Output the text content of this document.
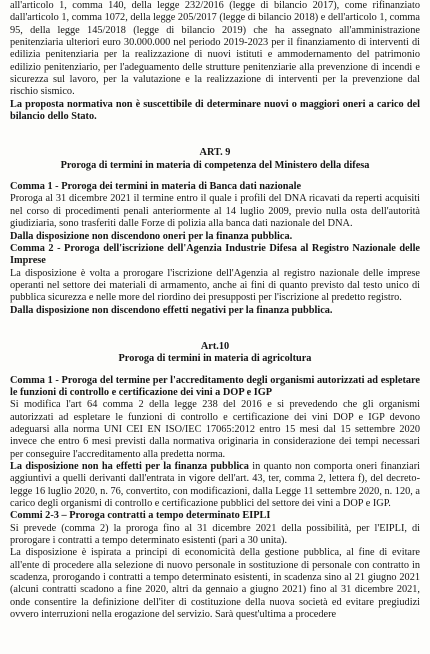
all'articolo 1, comma 140, della legge 232/2016 (legge di bilancio 2017), come rifinanziato dall'articolo 1, comma 1072, della legge 205/2017 (legge di bilancio 2018) e dell'articolo 1, comma 95, della legge 145/2018 (legge di bilancio 2019) che ha assegnato all'amministrazione penitenziaria ulteriori euro 30.000.000 nel periodo 2019-2023 per il finanziamento di interventi di edilizia penitenziaria per la realizzazione di nuovi istituti e ammodernamento del patrimonio edilizio penitenziario, per l'adeguamento delle strutture penitenziarie alla prevenzione di incendi e sicurezza sul lavoro, per la valutazione e la realizzazione di interventi per la prevenzione dal rischio sismico.

La proposta normativa non è suscettibile di determinare nuovi o maggiori oneri a carico del bilancio dello Stato.

ART. 9

Proroga di termini in materia di competenza del Ministero della difesa

Comma 1 - Proroga dei termini in materia di Banca dati nazionale

Proroga al 31 dicembre 2021 il termine entro il quale i profili del DNA ricavati da reperti acquisiti nel corso di procedimenti penali anteriormente al 14 luglio 2009, previo nulla osta dell'autorità giudiziaria, sono trasferiti dalle Forze di polizia alla banca dati nazionale del DNA.

Dalla disposizione non discendono oneri per la finanza pubblica.

Comma 2 - Proroga dell'iscrizione dell'Agenzia Industrie Difesa al Registro Nazionale delle Imprese

La disposizione è volta a prorogare l'iscrizione dell'Agenzia al registro nazionale delle imprese operanti nel settore dei materiali di armamento, anche ai fini di quanto previsto dal testo unico di pubblica sicurezza e nelle more del riordino dei presupposti per l'iscrizione al predetto registro.

Dalla disposizione non discendono effetti negativi per la finanza pubblica.

Art.10

Proroga di termini in materia di agricoltura

Comma 1 - Proroga del termine per l'accreditamento degli organismi autorizzati ad espletare le funzioni di controllo e certificazione dei vini a DOP e IGP

Si modifica l'art 64 comma 2 della legge 238 del 2016 e si prevedendo che gli organismi autorizzati ad espletare le funzioni di controllo e certificazione dei vini DOP e IGP devono adeguarsi alla norma UNI CEI EN ISO/IEC 17065:2012 entro 15 mesi dal 15 settembre 2020 invece che entro 6 mesi previsti dalla normativa originaria in considerazione dei tempi necessari per conseguire l'accreditamento alla predetta norma.

La disposizione non ha effetti per la finanza pubblica in quanto non comporta oneri finanziari aggiuntivi a quelli derivanti dall'entrata in vigore dell'art. 43, ter, comma 2, lettera f), del decreto-legge 16 luglio 2020, n. 76, convertito, con modificazioni, dalla Legge 11 settembre 2020, n. 120, a carico degli organismi di controllo e certificazione pubblici del settore dei vini a DOP e IGP.

Commi 2-3 – Proroga contratti a tempo determinato EIPLI

Si prevede (comma 2) la proroga fino al 31 dicembre 2021 della possibilità, per l'EIPLI, di prorogare i contratti a tempo determinato esistenti (pari a 30 unita).

La disposizione è ispirata a principi di economicità della gestione pubblica, al fine di evitare all'ente di procedere alla selezione di nuovo personale in sostituzione di personale con contratto in scadenza, prorogando i contratti a tempo determinato esistenti, in scadenza sino al 21 giugno 2021 (alcuni contratti scadono a fine 2020, altri da gennaio a giugno 2021) fino al 31 dicembre 2021, onde consentire la definizione dell'iter di costituzione della nuova società ed evitare pregiudizi ovvero interruzioni nella erogazione del servizio. Sarà quest'ultima a procedere
